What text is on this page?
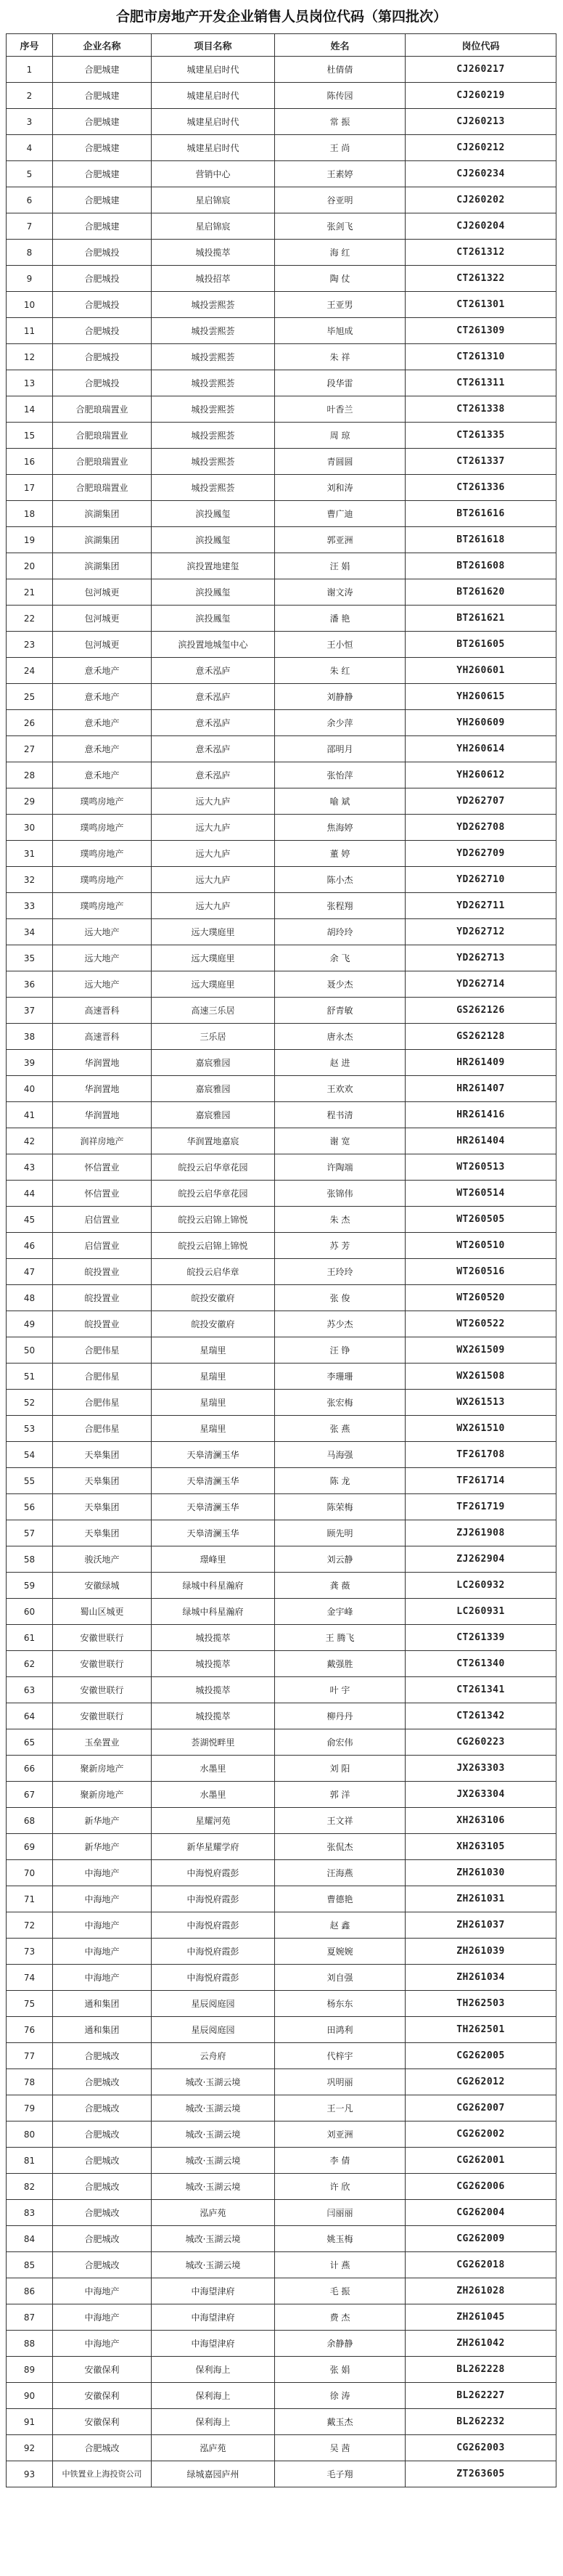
合肥市房地产开发企业销售人员岗位代码（第四批次）
序号	企业名称	项目名称	姓名	岗位代码
1	合肥城建	城建星启时代	杜倩倩	CJ260217
2	合肥城建	城建星启时代	陈传园	CJ260219
3	合肥城建	城建星启时代	常 振	CJ260213
4	合肥城建	城建星启时代	王 尚	CJ260212
5	合肥城建	营销中心	王素婷	CJ260234
6	合肥城建	星启锦宸	谷亚明	CJ260202
7	合肥城建	星启锦宸	张剑飞	CJ260204
8	合肥城投	城投揽萃	海 红	CT261312
9	合肥城投	城投招萃	陶 仗	CT261322
10	合肥城投	城投雲熙荟	王亚男	CT261301
11	合肥城投	城投雲熙荟	毕旭成	CT261309
12	合肥城投	城投雲熙荟	朱 祥	CT261310
13	合肥城投	城投雲熙荟	段华雷	CT261311
14	合肥琅瑞置业	城投雲熙荟	叶香兰	CT261338
15	合肥琅瑞置业	城投雲熙荟	周 琼	CT261335
16	合肥琅瑞置业	城投雲熙荟	青圆圆	CT261337
17	合肥琅瑞置业	城投雲熙荟	刘和涛	CT261336
18	滨湖集团	滨投鳳玺	曹广迪	BT261616
19	滨湖集团	滨投鳳玺	郭亚洲	BT261618
20	滨湖集团	滨投置地建玺	汪 娟	BT261608
21	包河城更	滨投鳳玺	谢文涛	BT261620
22	包河城更	滨投鳳玺	潘 艳	BT261621
23	包河城更	滨投置地城玺中心	王小恒	BT261605
24	意禾地产	意禾泓庐	朱 红	YH260601
25	意禾地产	意禾泓庐	刘静静	YH260615
26	意禾地产	意禾泓庐	余少萍	YH260609
27	意禾地产	意禾泓庐	邵明月	YH260614
28	意禾地产	意禾泓庐	张怡萍	YH260612
29	璞鸣房地产	远大九庐	喻 斌	YD262707
30	璞鸣房地产	远大九庐	焦海婷	YD262708
31	璞鸣房地产	远大九庐	董 婷	YD262709
32	璞鸣房地产	远大九庐	陈小杰	YD262710
33	璞鸣房地产	远大九庐	张程翔	YD262711
34	远大地产	远大璞庭里	胡玲玲	YD262712
35	远大地产	远大璞庭里	余 飞	YD262713
36	远大地产	远大璞庭里	聂少杰	YD262714
37	高速晋科	高速三乐居	舒青敏	GS262126
38	高速晋科	三乐居	唐永杰	GS262128
39	华润置地	嘉宸雅园	赵 进	HR261409
40	华润置地	嘉宸雅园	王欢欢	HR261407
41	华润置地	嘉宸雅园	程书清	HR261416
42	润祥房地产	华润置地嘉宸	谢 宽	HR261404
43	怀信置业	皖投云启华章花园	许陶端	WT260513
44	怀信置业	皖投云启华章花园	张锦伟	WT260514
45	启信置业	皖投云启锦上锦悦	朱 杰	WT260505
46	启信置业	皖投云启锦上锦悦	苏 芳	WT260510
47	皖投置业	皖投云启华章	王玲玲	WT260516
48	皖投置业	皖投安徽府	张 俊	WT260520
49	皖投置业	皖投安徽府	苏少杰	WT260522
50	合肥伟星	星瑞里	汪 铮	WX261509
51	合肥伟星	星瑞里	李珊珊	WX261508
52	合肥伟星	星瑞里	张宏梅	WX261513
53	合肥伟星	星瑞里	张 燕	WX261510
54	天皋集团	天皋清澜玉华	马海强	TF261708
55	天皋集团	天皋清澜玉华	陈 龙	TF261714
56	天皋集团	天皋清澜玉华	陈荣梅	TF261719
57	天皋集团	天皋清澜玉华	顾先明	ZJ261908
58	骏沃地产	璟峰里	刘云静	ZJ262904
59	安徽绿城	绿城中科星瀚府	龚 薇	LC260932
60	蜀山区城更	绿城中科星瀚府	金宇峰	LC260931
61	安徽世联行	城投揽萃	王 腾飞	CT261339
62	安徽世联行	城投揽萃	戴强胜	CT261340
63	安徽世联行	城投揽萃	叶 宇	CT261341
64	安徽世联行	城投揽萃	柳丹丹	CT261342
65	玉垒置业	荟湖悦畔里	俞宏伟	CG260223
66	聚新房地产	水墨里	刘 阳	JX263303
67	聚新房地产	水墨里	郭 洋	JX263304
68	新华地产	星耀河苑	王文祥	XH263106
69	新华地产	新华星耀学府	张侃杰	XH263105
70	中海地产	中海悦府霞彭	汪海燕	ZH261030
71	中海地产	中海悦府霞彭	曹德艳	ZH261031
72	中海地产	中海悦府霞彭	赵 鑫	ZH261037
73	中海地产	中海悦府霞彭	夏婉婉	ZH261039
74	中海地产	中海悦府霞彭	刘自强	ZH261034
75	通和集团	星辰阅庭园	杨东东	TH262503
76	通和集团	星辰阅庭园	田鸿利	TH262501
77	合肥城改	云舟府	代梓宇	CG262005
78	合肥城改	城改·玉湖云境	巩明丽	CG262012
79	合肥城改	城改·玉湖云境	王一凡	CG262007
80	合肥城改	城改·玉湖云境	刘亚洲	CG262002
81	合肥城改	城改·玉湖云境	李 倩	CG262001
82	合肥城改	城改·玉湖云境	许 欣	CG262006
83	合肥城改	泓庐苑	闫丽丽	CG262004
84	合肥城改	城改·玉湖云境	姚玉梅	CG262009
85	合肥城改	城改·玉湖云境	计 燕	CG262018
86	中海地产	中海望津府	毛 振	ZH261028
87	中海地产	中海望津府	费 杰	ZH261045
88	中海地产	中海望津府	余静静	ZH261042
89	安徽保利	保利海上	张 娟	BL262228
90	安徽保利	保利海上	徐 涛	BL262227
91	安徽保利	保利海上	戴玉杰	BL262232
92	合肥城改	泓庐苑	吴 茜	CG262003
93	中铁置业上海投资公司	绿城嘉园庐州	毛子翔	ZT263605
